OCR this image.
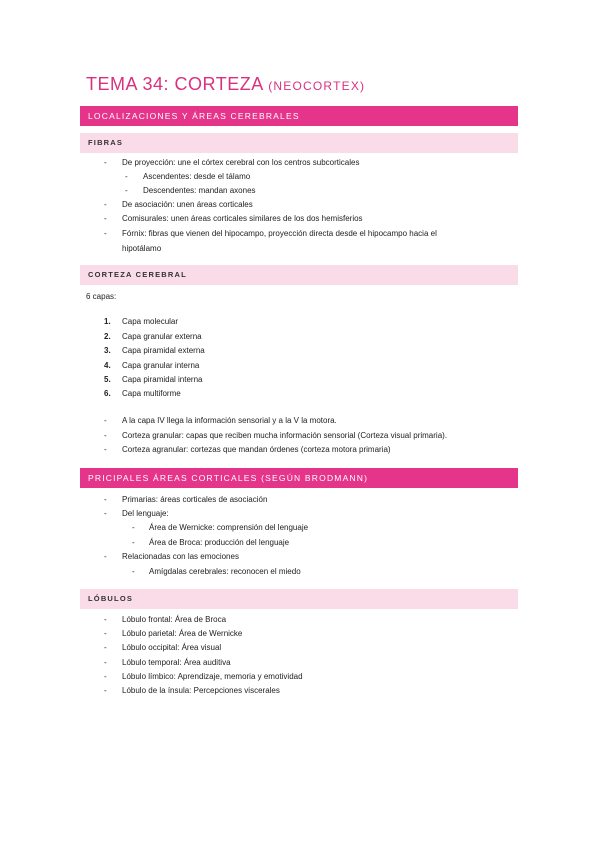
TEMA 34: CORTEZA (NEOCORTEX)
LOCALIZACIONES Y ÁREAS CEREBRALES
FIBRAS
- De proyección: une el córtex cerebral con los centros subcorticales
- Ascendentes: desde el tálamo
- Descendentes: mandan axones
- De asociación: unen áreas corticales
- Comisurales: unen áreas corticales similares de los dos hemisferios
- Fórnix: fibras que vienen del hipocampo, proyección directa desde el hipocampo hacia el
hipotálamo
CORTEZA CEREBRAL
6 capas:
1. Capa molecular
2. Capa granular externa
3. Capa piramidal externa
4. Capa granular interna
5. Capa piramidal interna
6. Capa multiforme
- A la capa IV llega la información sensorial y a la V la motora.
- Corteza granular: capas que reciben mucha información sensorial (Corteza visual primaria).
- Corteza agranular: cortezas que mandan órdenes (corteza motora primaria)
PRICIPALES ÁREAS CORTICALES (SEGÚN BRODMANN)
- Primarias: áreas corticales de asociación
- Del lenguaje:
- Área de Wernicke: comprensión del lenguaje
- Área de Broca: producción del lenguaje
- Relacionadas con las emociones
- Amígdalas cerebrales: reconocen el miedo
LÓBULOS
- Lóbulo frontal: Área de Broca
- Lóbulo parietal: Área de Wernicke
- Lóbulo occipital: Área visual
- Lóbulo temporal: Área auditiva
- Lóbulo límbico: Aprendizaje, memoria y emotividad
- Lóbulo de la ínsula: Percepciones viscerales
